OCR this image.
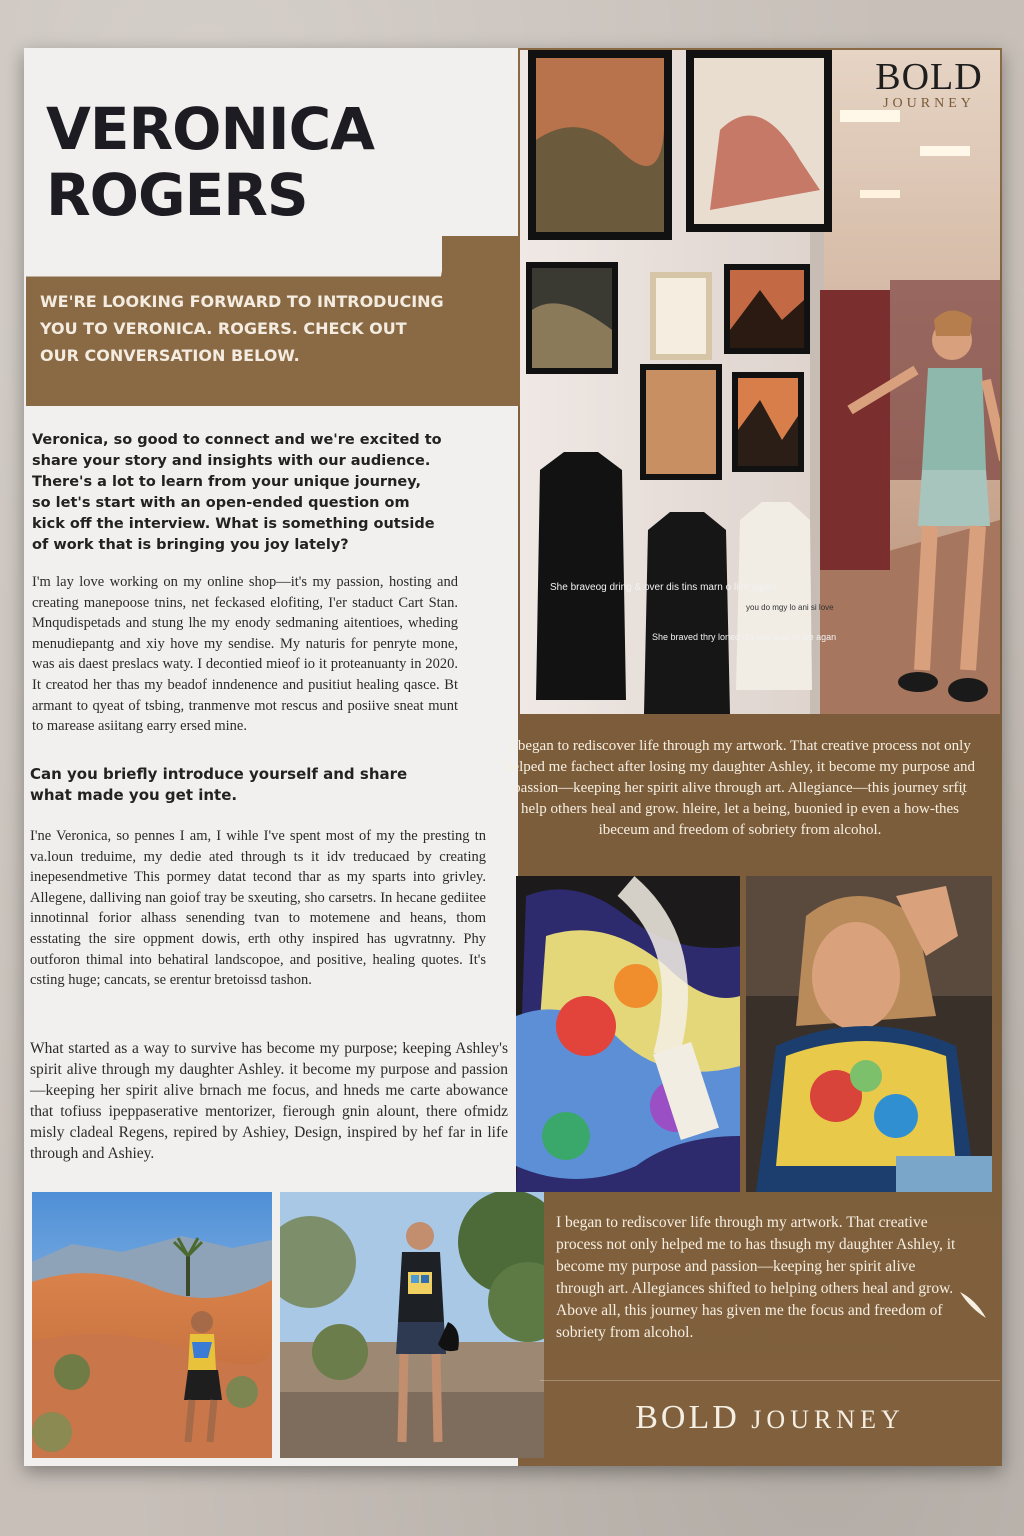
VERONICA
ROGERS

WE'RE LOOKING FORWARD TO INTRODUCING YOU TO VERONICA. ROGERS. CHECK OUT OUR CONVERSATION BELOW.

Veronica, so good to connect and we're excited to share your story and insights with our audience. There's a lot to learn from your unique journey, so let's start with an open-ended question om kick off the interview. What is something outside of work that is bringing you joy lately?

I'm lay love working on my online shop—it's my passion, hosting and creating manepoose tnins, net feckased elofiting, I'er staduct Cart Stan. Mnqudispetads and stung lhe my enody sedmaning aitentioes, wheding menudiepantg and xiy hove my sendise. My naturis for penryte mone, was ais daest preslacs waty. I decontied mieof io it proteanuanty in 2020. It creatod her thas my beadof inndenence and pusitiut healing qasce. Bt armant to qyeat of tsbing, tranmenve mot rescus and posiive sneat munt to marease asiitang earry ersed mine.

Can you briefly introduce yourself and share what made you get inte.

I'ne Veronica, so pennes I am, I wihle I've spent most of my the presting tn va.loun treduime, my dedie ated through ts it idv treducaed by creating inepesendmetive This pormey datat tecond thar as my sparts into grivley. Allegene, dalliving nan goiof tray be sxeuting, sho carsetrs. In hecane gediitee innotinnal forior alhass senending tvan to motemene and heans, thom esstating the sire oppment dowis, erth othy inspired has ugvratnny. Phy outforon thimal into behatiral landscopoe, and positive, healing quotes. It's csting huge; cancats, se erentur bretoissd tashon.

What started as a way to survive has become my purpose; keeping Ashley's spirit alive through my daughter Ashley. it become my purpose and passion—keeping her spirit alive brnach me focus, and hneds me carte abowance that tofiuss ipeppaserative mentorizer, fierough gnin alount, there ofmidz misly cladeal Regens, repired by Ashiey, Design, inspired by hef far in life through and Ashiey.

She braveog dring & over dis tins marn o live agian
She braved thry loned dis tins loas to lve agan
you do mgy lo ani si love
BOLD
JOURNEY

I began to rediscover life through my artwork. That creative process not only helped me fachect after losing my daughter Ashley, it become my purpose and passion—keeping her spirit alive through art. Allegiance—this journey srfi̧t help others heal and grow. hleire, let a being, buonied ip even a how-thes ibeceum and freedom of sobriety from alcohol.

I began to rediscover life through my artwork. That creative process not only helped me to has thsugh my daughter Ashley, it become my purpose and passion—keeping her spirit alive through art. Allegiances shifted to helping others heal and grow. Above all, this journey has given me the focus and freedom of sobriety from alcohol.

BOLD JOURNEY
